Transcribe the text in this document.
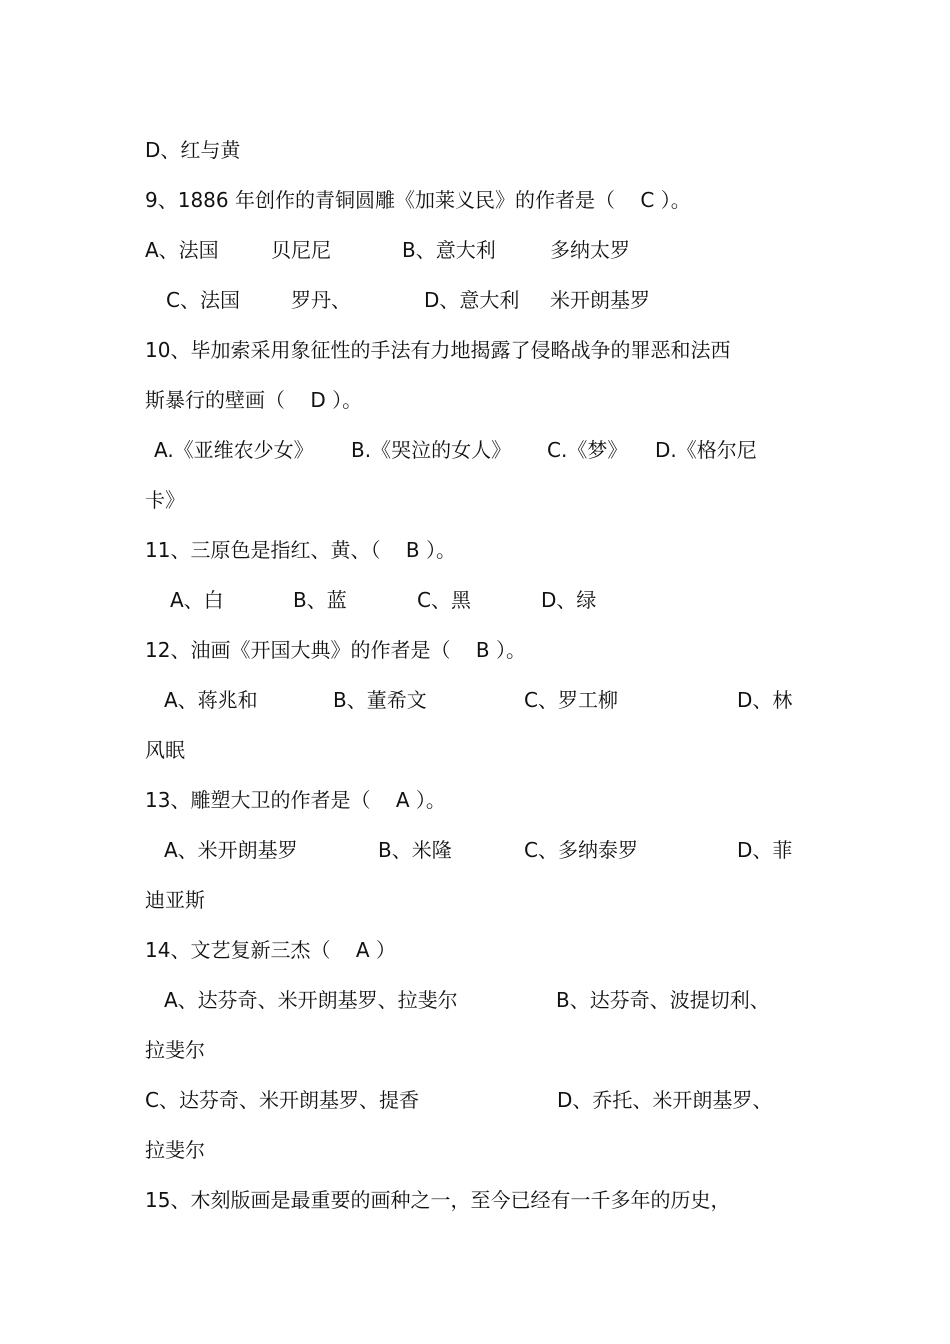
D、红与黄
9、1886 年创作的青铜圆雕《加莱义民》的作者是（    C ）。
A、法国	贝尼尼	B、意大利	多纳太罗
C、法国	罗丹、	D、意大利 米开朗基罗
10、毕加索采用象征性的手法有力地揭露了侵略战争的罪恶和法西
斯暴行的壁画（    D ）。
A.《亚维农少女》 B.《哭泣的女人》 C.《梦》 D.《格尔尼
卡》
11、三原色是指红、黄、（    B ）。
A、白	B、蓝	C、黑	D、绿
12、油画《开国大典》的作者是（    B ）。
A、蒋兆和	B、董希文	C、罗工柳	D、林
风眠
13、雕塑大卫的作者是（    A ）。
A、米开朗基罗	B、米隆	C、多纳泰罗	D、菲
迪亚斯
14、文艺复新三杰（    A ）
A、达芬奇、米开朗基罗、拉斐尔	B、达芬奇、波提切利、
拉斐尔
C、达芬奇、米开朗基罗、提香	D、乔托、米开朗基罗、
拉斐尔
15、木刻版画是最重要的画种之一，至今已经有一千多年的历史，
